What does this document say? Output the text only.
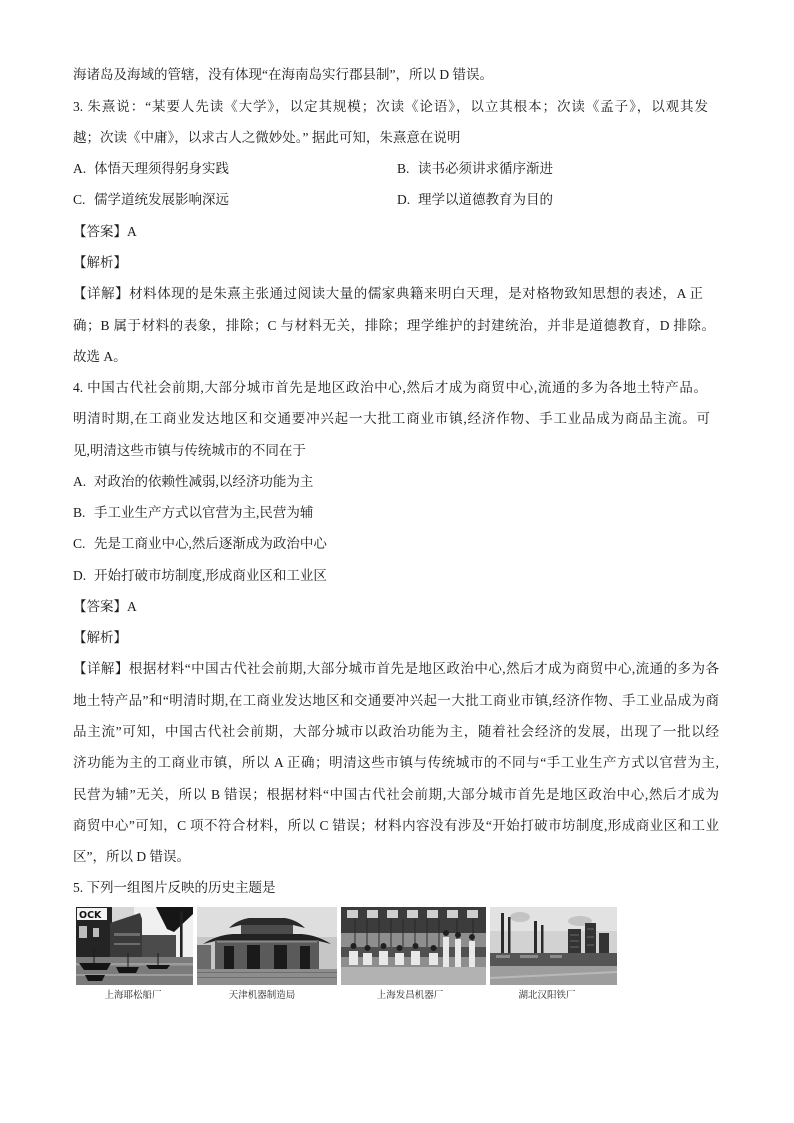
海诸岛及海域的管辖，没有体现“在海南岛实行郡县制”，所以 D 错误。
3. 朱熹说：“某要人先读《大学》，以定其规模；次读《论语》，以立其根本；次读《孟子》，以观其发
越；次读《中庸》，以求古人之微妙处。” 据此可知，朱熹意在说明
A. 体悟天理须得躬身实践	B. 读书必须讲求循序渐进
C. 儒学道统发展影响深远	D. 理学以道德教育为目的
【答案】A
【解析】
【详解】材料体现的是朱熹主张通过阅读大量的儒家典籍来明白天理，是对格物致知思想的表述，A 正
确；B 属于材料的表象，排除；C 与材料无关，排除；理学维护的封建统治，并非是道德教育，D 排除。
故选 A。
4. 中国古代社会前期,大部分城市首先是地区政治中心,然后才成为商贸中心,流通的多为各地土特产品。
明清时期,在工商业发达地区和交通要冲兴起一大批工商业市镇,经济作物、手工业品成为商品主流。可
见,明清这些市镇与传统城市的不同在于
A. 对政治的依赖性减弱,以经济功能为主
B. 手工业生产方式以官营为主,民营为辅
C. 先是工商业中心,然后逐渐成为政治中心
D. 开始打破市坊制度,形成商业区和工业区
【答案】A
【解析】
【详解】根据材料“中国古代社会前期,大部分城市首先是地区政治中心,然后才成为商贸中心,流通的多为各
地土特产品”和“明清时期,在工商业发达地区和交通要冲兴起一大批工商业市镇,经济作物、手工业品成为商
品主流”可知，中国古代社会前期，大部分城市以政治功能为主，随着社会经济的发展，出现了一批以经
济功能为主的工商业市镇，所以 A 正确；明清这些市镇与传统城市的不同与“手工业生产方式以官营为主,
民营为辅”无关，所以 B 错误；根据材料“中国古代社会前期,大部分城市首先是地区政治中心,然后才成为
商贸中心”可知，C 项不符合材料，所以 C 错误；材料内容没有涉及“开始打破市坊制度,形成商业区和工业
区”，所以 D 错误。
5. 下列一组图片反映的历史主题是
OCK
上海耶松船厂	天津机器制造局	上海发昌机器厂	湖北汉阳铁厂
